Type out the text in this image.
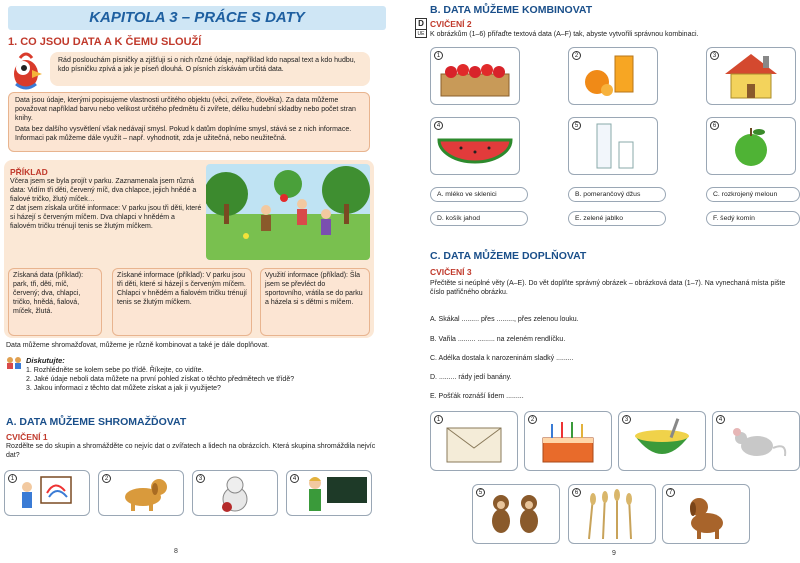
KAPITOLA 3 – PRÁCE S DATY
1. CO JSOU DATA A K ČEMU SLOUŽÍ
Rád poslouchám písničky a zjišťuji si o nich různé údaje, například kdo napsal text a kdo hudbu, kdo písničku zpívá a jak je píseň dlouhá. O písních získávám určitá data.
Data jsou údaje, kterými popisujeme vlastnosti určitého objektu (věci, zvířete, člověka). Za data můžeme považovat například barvu nebo velikost určitého předmětu či zvířete, délku hudební skladby nebo počet stran knihy.
Data bez dalšího vysvětlení však nedávají smysl. Pokud k datům doplníme smysl, stává se z nich informace. Informaci pak můžeme dále využít – např. vyhodnotit, zda je užitečná, nebo neužitečná.
PŘÍKLAD
Včera jsem se byla projít v parku. Zaznamenala jsem různá data: Vidím tři děti, červený míč, dva chlapce, jejich hnědé a fialové tričko, žlutý míček…
Z dat jsem získala určité informace: V parku jsou tři děti, které si házejí s červeným míčem. Dva chlapci v hnědém a fialovém tričku trénují tenis se žlutým míčkem.
Získaná data (příklad): park, tři, děti, míč, červený; dva, chlapci, tričko, hnědá, fialová, míček, žlutá.
Získané informace (příklad): V parku jsou tři děti, které si házejí s červeným míčem. Chlapci v hnědém a fialovém tričku trénují tenis se žlutým míčkem.
Využití informace (příklad): Šla jsem se převléct do sportovního, vrátila se do parku a házela si s dětmi s míčem.
Data můžeme shromažďovat, můžeme je různě kombinovat a také je dále doplňovat.
Diskutujte:
1. Rozhlédněte se kolem sebe po třídě. Říkejte, co vidíte.
2. Jaké údaje neboli data můžete na první pohled získat o těchto předmětech ve třídě?
3. Jakou informaci z těchto dat můžete získat a jak ji využijete?
A. DATA MŮŽEME SHROMAŽĎOVAT
CVIČENÍ 1
Rozdělte se do skupin a shromážděte co nejvíc dat o zvířatech a lidech na obrázcích. Která skupina shromáždila nejvíc dat?
1	2	3	4
8
B. DATA MŮŽEME KOMBINOVAT
D
UE
CVIČENÍ 2
K obrázkům (1–6) přiřaďte textová data (A–F) tak, abyste vytvořili správnou kombinaci.
1	2	3
4	5	6
A. mléko ve sklenici	B. pomerančový džus	C. rozkrojený meloun
D. košík jahod	E. zelené jablko	F. šedý komín
C. DATA MŮŽEME DOPLŇOVAT
CVIČENÍ 3
Přečtěte si neúplné věty (A–E). Do vět doplňte správný obrázek – obrázková data (1–7). Na vynechaná místa pište číslo patřičného obrázku.
A. Skákal ......... přes ........., přes zelenou louku.
B. Vařila ......... ......... na zeleném rendlíčku.
C. Adélka dostala k narozeninám sladký .........
D. ......... rády jedí banány.
E. Pošťák roznáší lidem .........
1	2	3	4
5	6	7
9
